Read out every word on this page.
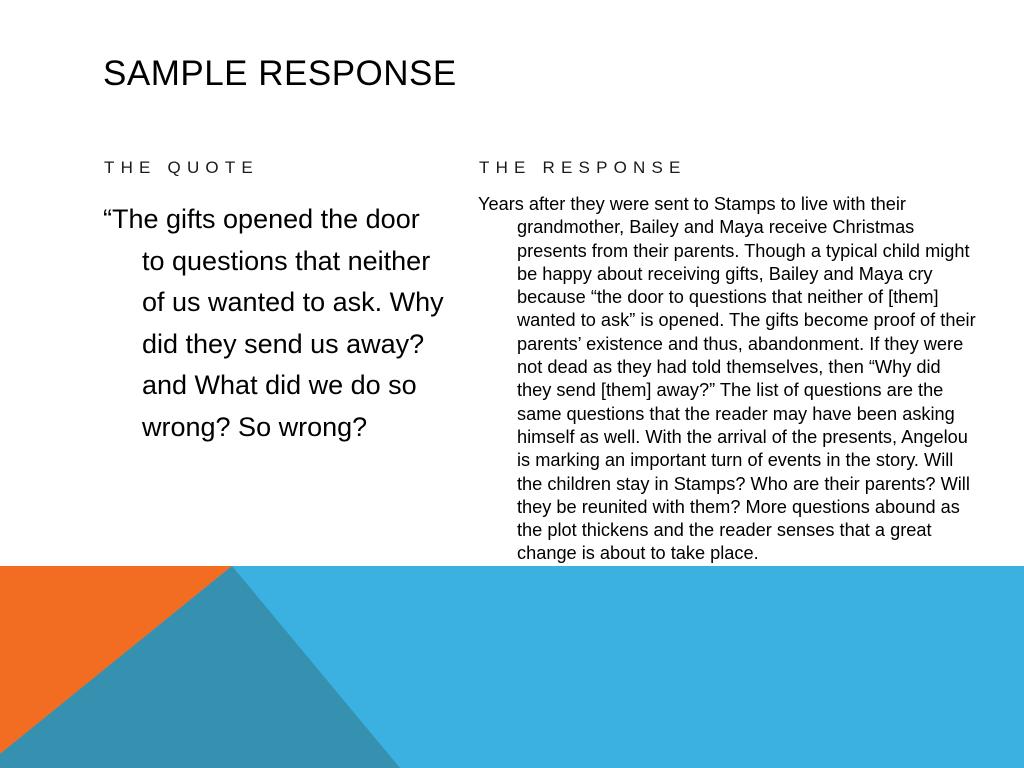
SAMPLE RESPONSE
THE QUOTE	THE RESPONSE

“The gifts opened the door to questions that neither of us wanted to ask. Why did they send us away? and What did we do so wrong? So wrong?

Years after they were sent to Stamps to live with their grandmother, Bailey and Maya receive Christmas presents from their parents. Though a typical child might be happy about receiving gifts, Bailey and Maya cry because “the door to questions that neither of [them] wanted to ask” is opened. The gifts become proof of their parents’ existence and thus, abandonment. If they were not dead as they had told themselves, then “Why did they send [them] away?” The list of questions are the same questions that the reader may have been asking himself as well. With the arrival of the presents, Angelou is marking an important turn of events in the story. Will the children stay in Stamps? Who are their parents? Will they be reunited with them? More questions abound as the plot thickens and the reader senses that a great change is about to take place.
